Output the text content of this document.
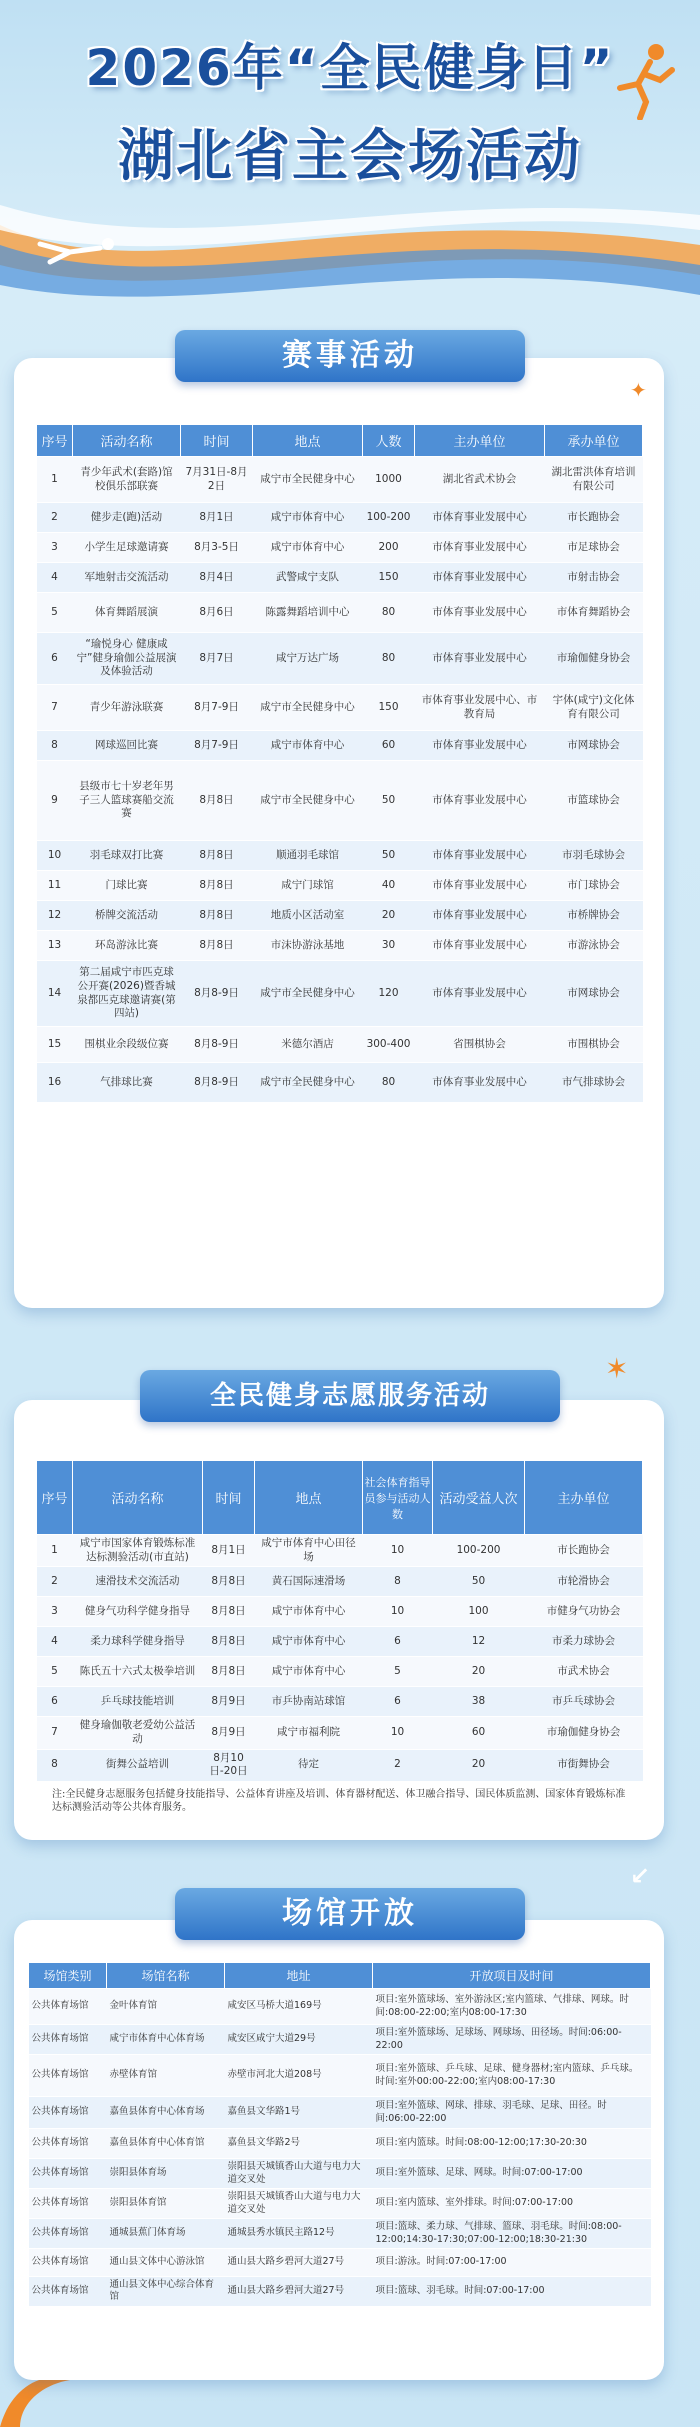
2026年“全民健身日”
湖北省主会场活动
赛事活动
✦
序号	活动名称	时间	地点	人数	主办单位	承办单位
1	青少年武术(套路)馆校俱乐部联赛	7月31日-8月2日	咸宁市全民健身中心	1000	湖北省武术协会	湖北雷洪体育培训有限公司
2	健步走(跑)活动	8月1日	咸宁市体育中心	100-200	市体育事业发展中心	市长跑协会
3	小学生足球邀请赛	8月3-5日	咸宁市体育中心	200	市体育事业发展中心	市足球协会
4	军地射击交流活动	8月4日	武警咸宁支队	150	市体育事业发展中心	市射击协会
5	体育舞蹈展演	8月6日	陈露舞蹈培训中心	80	市体育事业发展中心	市体育舞蹈协会
6	“瑜悦身心 健康咸宁”健身瑜伽公益展演及体验活动	8月7日	咸宁万达广场	80	市体育事业发展中心	市瑜伽健身协会
7	青少年游泳联赛	8月7-9日	咸宁市全民健身中心	150	市体育事业发展中心、市教育局	宇体(咸宁)文化体育有限公司
8	网球巡回比赛	8月7-9日	咸宁市体育中心	60	市体育事业发展中心	市网球协会
9	县级市七十岁老年男子三人篮球赛船交流赛	8月8日	咸宁市全民健身中心	50	市体育事业发展中心	市篮球协会
10	羽毛球双打比赛	8月8日	顺通羽毛球馆	50	市体育事业发展中心	市羽毛球协会
11	门球比赛	8月8日	咸宁门球馆	40	市体育事业发展中心	市门球协会
12	桥牌交流活动	8月8日	地质小区活动室	20	市体育事业发展中心	市桥牌协会
13	环岛游泳比赛	8月8日	市沫协游泳基地	30	市体育事业发展中心	市游泳协会
14	第二届咸宁市匹克球公开赛(2026)暨香城泉都匹克球邀请赛(第四站)	8月8-9日	咸宁市全民健身中心	120	市体育事业发展中心	市网球协会
15	围棋业余段级位赛	8月8-9日	米德尔酒店	300-400	省围棋协会	市围棋协会
16	气排球比赛	8月8-9日	咸宁市全民健身中心	80	市体育事业发展中心	市气排球协会
全民健身志愿服务活动
✶
序号	活动名称	时间	地点	社会体育指导员参与活动人数	活动受益人次	主办单位
1	咸宁市国家体育锻炼标准达标测验活动(市直站)	8月1日	咸宁市体育中心田径场	10	100-200	市长跑协会
2	速滑技术交流活动	8月8日	黄石国际速滑场	8	50	市轮滑协会
3	健身气功科学健身指导	8月8日	咸宁市体育中心	10	100	市健身气功协会
4	柔力球科学健身指导	8月8日	咸宁市体育中心	6	12	市柔力球协会
5	陈氏五十六式太极拳培训	8月8日	咸宁市体育中心	5	20	市武术协会
6	乒乓球技能培训	8月9日	市乒协南站球馆	6	38	市乒乓球协会
7	健身瑜伽敬老爱幼公益活动	8月9日	咸宁市福利院	10	60	市瑜伽健身协会
8	街舞公益培训	8月10日-20日	待定	2	20	市街舞协会
注:全民健身志愿服务包括健身技能指导、公益体育讲座及培训、体育器材配送、体卫融合指导、国民体质监测、国家体育锻炼标准达标测验活动等公共体育服务。
场馆开放
↙
场馆类别	场馆名称	地址	开放项目及时间
公共体育场馆	金叶体育馆	咸安区马桥大道169号	项目:室外篮球场、室外游泳区;室内篮球、气排球、网球。时间:08:00-22:00;室内08:00-17:30
公共体育场馆	咸宁市体育中心体育场	咸安区咸宁大道29号	项目:室外篮球场、足球场、网球场、田径场。时间:06:00-22:00
公共体育场馆	赤壁体育馆	赤壁市河北大道208号	项目:室外篮球、乒乓球、足球、健身器材;室内篮球、乒乓球。时间:室外00:00-22:00;室内08:00-17:30
公共体育场馆	嘉鱼县体育中心体育场	嘉鱼县文华路1号	项目:室外篮球、网球、排球、羽毛球、足球、田径。时间:06:00-22:00
公共体育场馆	嘉鱼县体育中心体育馆	嘉鱼县文华路2号	项目:室内篮球。时间:08:00-12:00;17:30-20:30
公共体育场馆	崇阳县体育场	崇阳县天城镇香山大道与电力大道交叉处	项目:室外篮球、足球、网球。时间:07:00-17:00
公共体育场馆	崇阳县体育馆	崇阳县天城镇香山大道与电力大道交叉处	项目:室内篮球、室外排球。时间:07:00-17:00
公共体育场馆	通城县蕉门体育场	通城县秀水镇民主路12号	项目:篮球、柔力球、气排球、篮球、羽毛球。时间:08:00-12:00;14:30-17:30;07:00-12:00;18:30-21:30
公共体育场馆	通山县文体中心游泳馆	通山县大路乡碧河大道27号	项目:游泳。时间:07:00-17:00
公共体育场馆	通山县文体中心综合体育馆	通山县大路乡碧河大道27号	项目:篮球、羽毛球。时间:07:00-17:00
